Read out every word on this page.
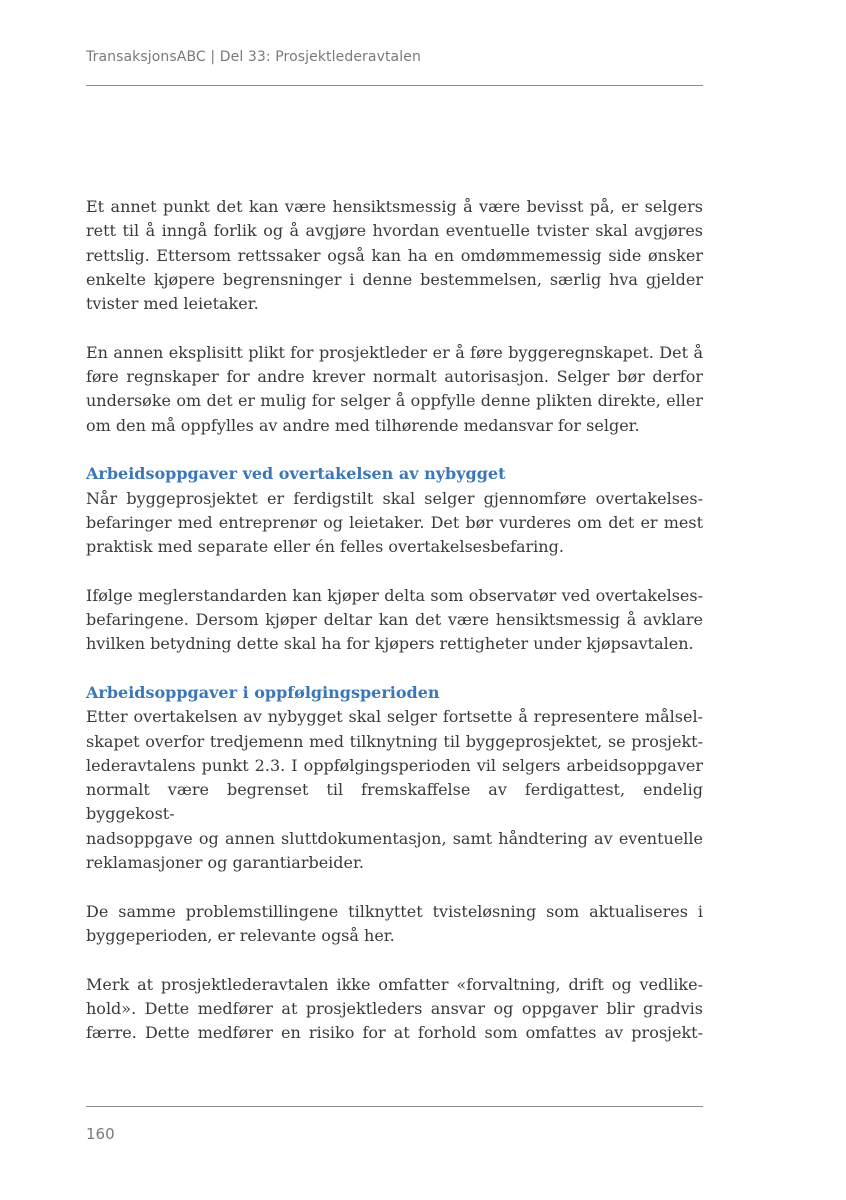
TransaksjonsABC | Del 33: Prosjektlederavtalen

Et annet punkt det kan være hensiktsmessig å være bevisst på, er selgers

rett til å inngå forlik og å avgjøre hvordan eventuelle tvister skal avgjøres

rettslig. Ettersom rettssaker også kan ha en omdømmemessig side ønsker

enkelte kjøpere begrensninger i denne bestemmelsen, særlig hva gjelder

tvister med leietaker.

En annen eksplisitt plikt for prosjektleder er å føre byggeregnskapet. Det å

føre regnskaper for andre krever normalt autorisasjon. Selger bør derfor

undersøke om det er mulig for selger å oppfylle denne plikten direkte, eller

om den må oppfylles av andre med tilhørende medansvar for selger.

Arbeidsoppgaver ved overtakelsen av nybygget

Når byggeprosjektet er ferdigstilt skal selger gjennomføre overtakelses-

befaringer med entreprenør og leietaker. Det bør vurderes om det er mest

praktisk med separate eller én felles overtakelsesbefaring.

Ifølge meglerstandarden kan kjøper delta som observatør ved overtakelses-

befaringene. Dersom kjøper deltar kan det være hensiktsmessig å avklare

hvilken betydning dette skal ha for kjøpers rettigheter under kjøpsavtalen.

Arbeidsoppgaver i oppfølgingsperioden

Etter overtakelsen av nybygget skal selger fortsette å representere målsel-

skapet overfor tredjemenn med tilknytning til byggeprosjektet, se prosjekt-

lederavtalens punkt 2.3. I oppfølgingsperioden vil selgers arbeidsoppgaver

normalt være begrenset til fremskaffelse av ferdigattest, endelig byggekost-

nadsoppgave og annen sluttdokumentasjon, samt håndtering av eventuelle

reklamasjoner og garantiarbeider.

De samme problemstillingene tilknyttet tvisteløsning som aktualiseres i

byggeperioden, er relevante også her.

Merk at prosjektlederavtalen ikke omfatter «forvaltning, drift og vedlike-

hold». Dette medfører at prosjektleders ansvar og oppgaver blir gradvis

færre. Dette medfører en risiko for at forhold som omfattes av prosjekt-

160
